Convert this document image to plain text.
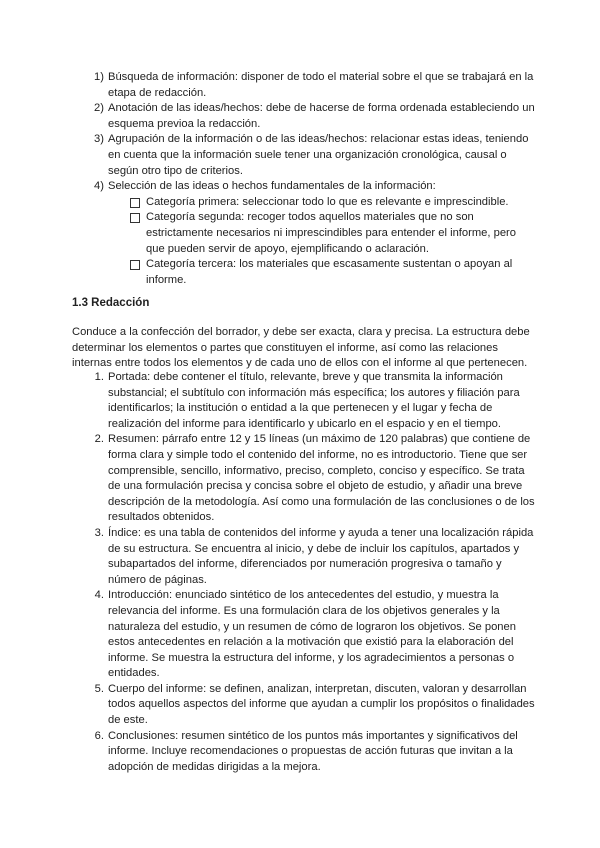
1) Búsqueda de información: disponer de todo el material sobre el que se trabajará en la etapa de redacción.
2) Anotación de las ideas/hechos: debe de hacerse de forma ordenada estableciendo un esquema previoa la redacción.
3) Agrupación de la información o de las ideas/hechos: relacionar estas ideas, teniendo en cuenta que la información suele tener una organización cronológica, causal o según otro tipo de criterios.
4) Selección de las ideas o hechos fundamentales de la información:
Categoría primera: seleccionar todo lo que es relevante e imprescindible.
Categoría segunda: recoger todos aquellos materiales que no son estrictamente necesarios ni imprescindibles para entender el informe, pero que pueden servir de apoyo, ejemplificando o aclaración.
Categoría tercera: los materiales que escasamente sustentan o apoyan al informe.
1.3 Redacción
Conduce a la confección del borrador, y debe ser exacta, clara y precisa. La estructura debe determinar los elementos o partes que constituyen el informe, así como las relaciones internas entre todos los elementos y de cada uno de ellos con el informe al que pertenecen.
1. Portada: debe contener el título, relevante, breve y que transmita la información substancial; el subtítulo con información más específica; los autores y filiación para identificarlos; la institución o entidad a la que pertenecen y el lugar y fecha de realización del informe para identificarlo y ubicarlo en el espacio y en el tiempo.
2. Resumen: párrafo entre 12 y 15 líneas (un máximo de 120 palabras) que contiene de forma clara y simple todo el contenido del informe, no es introductorio. Tiene que ser comprensible, sencillo, informativo, preciso, completo, conciso y específico. Se trata de una formulación precisa y concisa sobre el objeto de estudio, y añadir una breve descripción de la metodología. Así como una formulación de las conclusiones o de los resultados obtenidos.
3. Índice: es una tabla de contenidos del informe y ayuda a tener una localización rápida de su estructura. Se encuentra al inicio, y debe de incluir los capítulos, apartados y subapartados del informe, diferenciados por numeración progresiva o tamaño y número de páginas.
4. Introducción: enunciado sintético de los antecedentes del estudio, y muestra la relevancia del informe. Es una formulación clara de los objetivos generales y la naturaleza del estudio, y un resumen de cómo de lograron los objetivos. Se ponen estos antecedentes en relación a la motivación que existió para la elaboración del informe. Se muestra la estructura del informe, y los agradecimientos a personas o entidades.
5. Cuerpo del informe: se definen, analizan, interpretan, discuten, valoran y desarrollan todos aquellos aspectos del informe que ayudan a cumplir los propósitos o finalidades de este.
6. Conclusiones: resumen sintético de los puntos más importantes y significativos del informe. Incluye recomendaciones o propuestas de acción futuras que invitan a la adopción de medidas dirigidas a la mejora.
